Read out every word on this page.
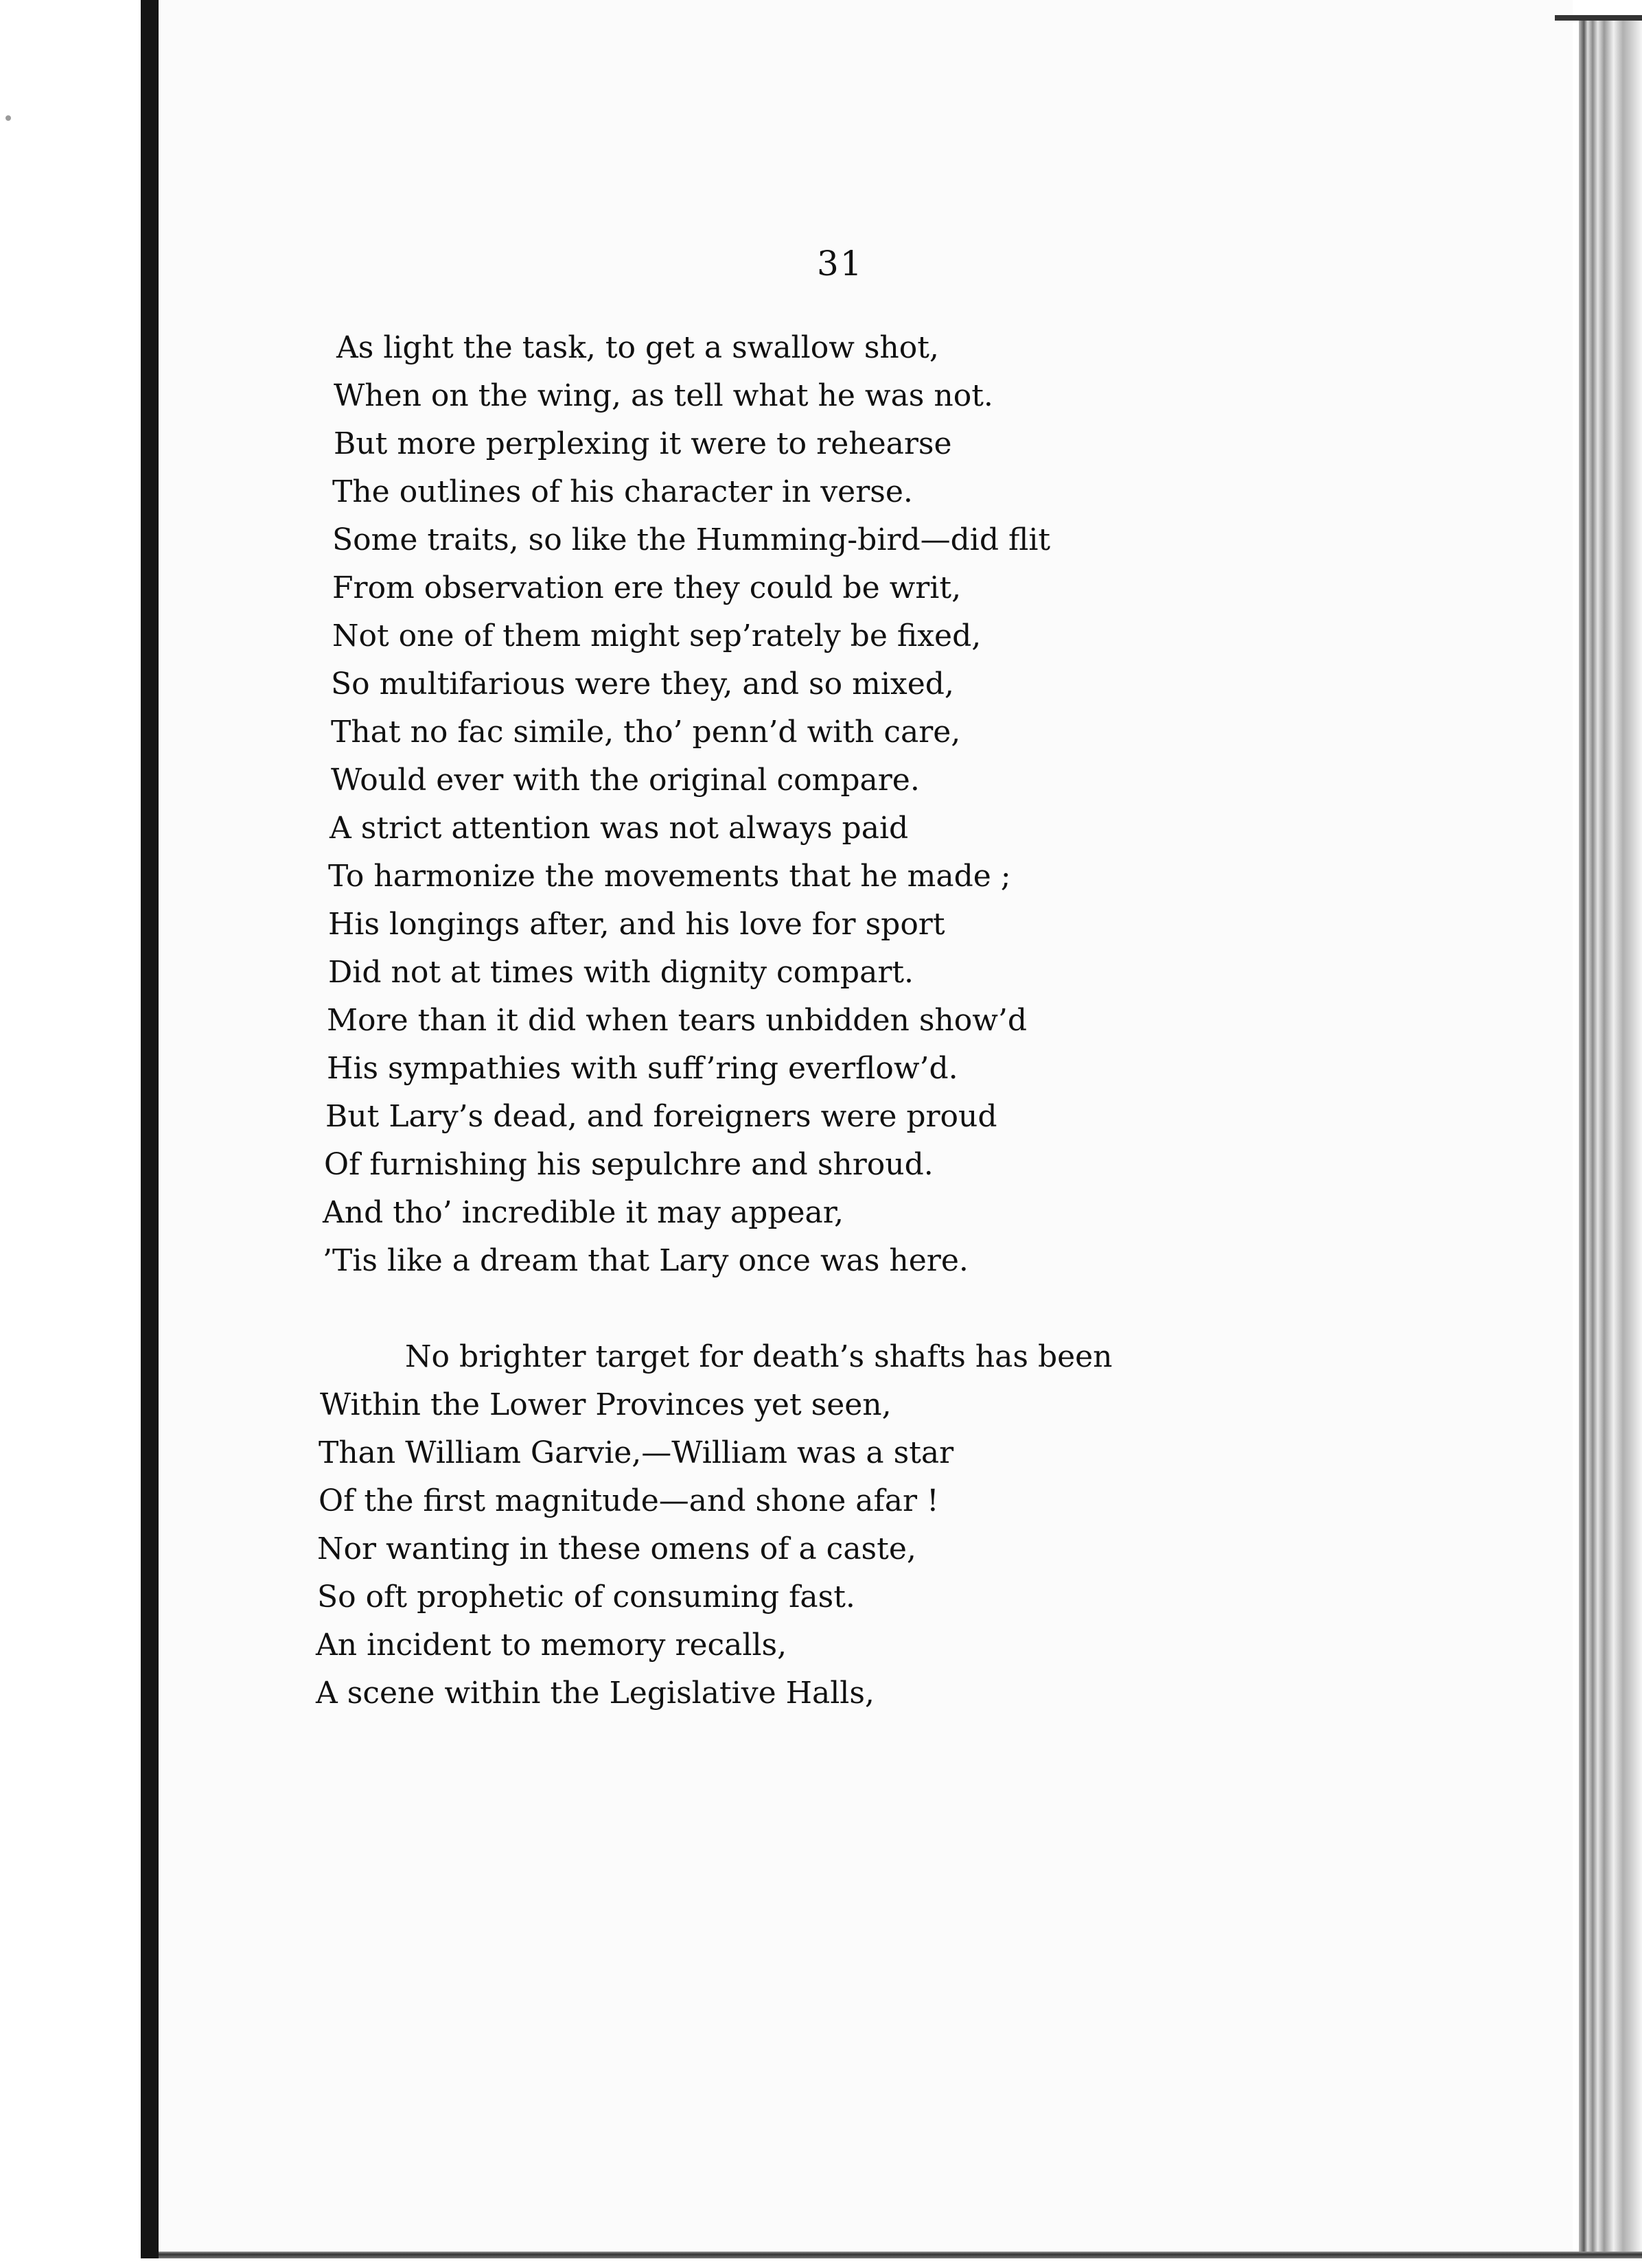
31
As light the task, to get a swallow shot,
When on the wing, as tell what he was not.
But more perplexing it were to rehearse
The outlines of his character in verse.
Some traits, so like the Humming-bird—did flit
From observation ere they could be writ,
Not one of them might sep’rately be fixed,
So multifarious were they, and so mixed,
That no fac simile, tho’ penn’d with care,
Would ever with the original compare.
A strict attention was not always paid
To harmonize the movements that he made ;
His longings after, and his love for sport
Did not at times with dignity compart.
More than it did when tears unbidden show’d
His sympathies with suff’ring everflow’d.
But Lary’s dead, and foreigners were proud
Of furnishing his sepulchre and shroud.
And tho’ incredible it may appear,
’Tis like a dream that Lary once was here.
No brighter target for death’s shafts has been
Within the Lower Provinces yet seen,
Than William Garvie,—William was a star
Of the first magnitude—and shone afar !
Nor wanting in these omens of a caste,
So oft prophetic of consuming fast.
An incident to memory recalls,
A scene within the Legislative Halls,
